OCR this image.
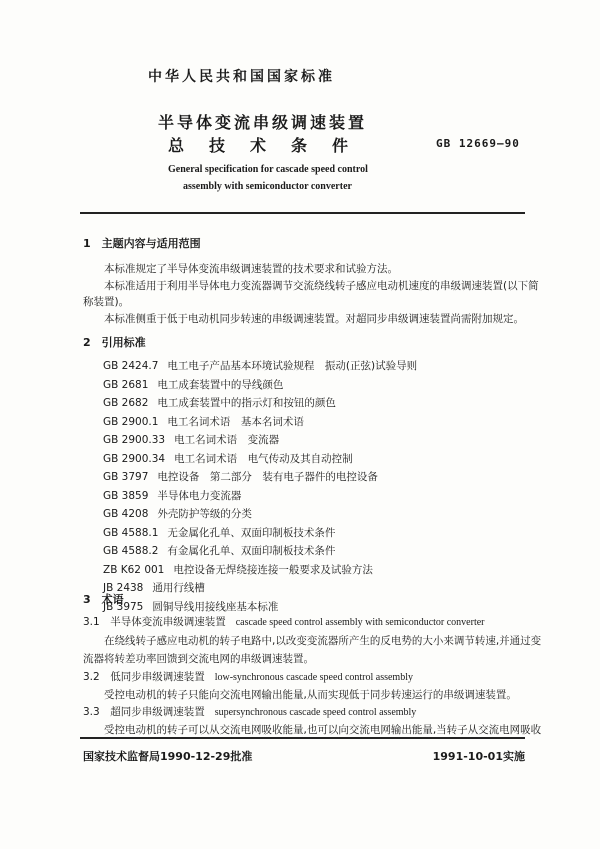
中华人民共和国国家标准
半导体变流串级调速装置
总 技 术 条 件	GB 12669—90
General specification for cascade speed control
assembly with semiconductor converter
1　主题内容与适用范围
本标准规定了半导体变流串级调速装置的技术要求和试验方法。
本标准适用于利用半导体电力变流器调节交流绕线转子感应电动机速度的串级调速装置(以下简
称装置)。
本标准侧重于低于电动机同步转速的串级调速装置。对超同步串级调速装置尚需附加规定。
2　引用标准
GB 2424.7 电工电子产品基本环境试验规程　振动(正弦)试验导则
GB 2681 电工成套装置中的导线颜色
GB 2682 电工成套装置中的指示灯和按钮的颜色
GB 2900.1 电工名词术语　基本名词术语
GB 2900.33 电工名词术语　变流器
GB 2900.34 电工名词术语　电气传动及其自动控制
GB 3797 电控设备　第二部分　装有电子器件的电控设备
GB 3859 半导体电力变流器
GB 4208 外壳防护等级的分类
GB 4588.1 无金属化孔单、双面印制板技术条件
GB 4588.2 有金属化孔单、双面印制板技术条件
ZB K62 001 电控设备无焊绕接连接一般要求及试验方法
JB 2438 通用行线槽
JB 3975 圆铜导线用接线座基本标准
3　术语
3.1　 半导体变流串级调速装置 cascade speed control assembly with semiconductor converter
在绕线转子感应电动机的转子电路中,以改变变流器所产生的反电势的大小来调节转速,并通过变
流器将转差功率回馈到交流电网的串级调速装置。
3.2　 低同步串级调速装置 low-synchronous cascade speed control assembly
受控电动机的转子只能向交流电网输出能量,从而实现低于同步转速运行的串级调速装置。
3.3　 超同步串级调速装置 supersynchronous cascade speed control assembly
受控电动机的转子可以从交流电网吸收能量,也可以向交流电网输出能量,当转子从交流电网吸收
国家技术监督局1990-12-29批准	1991-10-01实施
